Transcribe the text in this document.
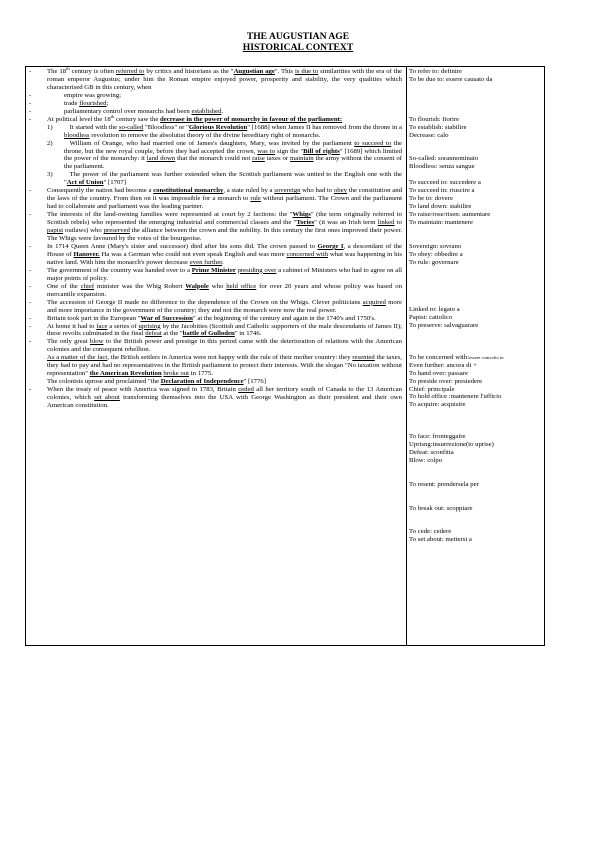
THE AUGUSTIAN AGE
HISTORICAL CONTEXT
- The 18th century is often referred to by critics and historians as the "Augustian age". This is due to similarities with the era of the roman emperor Augustus; under him the Roman empire enjoyed power, prosperity and stability, the very qualities which characterised GB in this century, when
- empire was growing;
- trade flourished;
- parliamentary control over monarchs had been established.
- At political level the 18th century saw the decrease in the power of monarchy in favour of the parliament:
1)	It started with the so-called "Bloodless" or "Glorious Revolution" [1688] when James II has removed from the throne in a bloodless revolution to remove the absolutist theory of the divine hereditary right of monarchs.
2)	William of Orange, who had married one of James's daughters, Mary, was invited by the parliament to succeed to the throne, but the new royal couple, before they had accepted the crown, was to sign the "Bill of rights" [1689] which limited the power of the monarchy: it land down that the monarch could not raise taxes or maintain the army without the consent of the parliament.
3)	The power of the parliament was further extended when the Scottish parliament was united to the English one with the "Act of Union" [1707]
- Consequently the nation had become a constitutional monarchy, a state ruled by a sovereign who had to obey the constitution and the laws of the country. From then on it was impossible for a monarch to rule without parliament. The Crown and the parliament had to collaborate and parliament was the leading partner.
- The interests of the land-owning families were represented at court by 2 factions: the "Whigs" (the term originally referred to Scottish rebels) who represented the emerging industrial and commercial classes and the "Tories" (it was an Irish term linked to papist outlaws) who preserved the alliance between the crown and the nobility. In this century the first ones improved their power. The Whigs were favoured by the votes of the bourgeoise.
- In 1714 Queen Anne (Mary's sister and successor) died after his sons did. The crown passed to George I, a descendant of the House of Hanover. Ha was a German who could not even speak English and was more concerned with what was happening in his native land. With him the monarch's power decrease even further.
- The government of the country was handed over to a Prime Minister presiding over a cabinet of Ministers who had to agree on all major points of policy.
- One of the chief minister was the Whig Robert Walpole who held office for over 20 years and whose policy was based on mercantile expansion.
- The accession of George II made no difference to the dependence of the Crown on the Whigs. Clever politicians acquired more and more importance in the government of the country; they and not the monarch were now the real power.
- Britain took part in the European "War of Succession" at the beginning of the century and again in the 1740's and 1750's.
- At home it had to face a series of uprising by the Jacobities (Scottish and Catholic supporters of the male descendants of James II); these revolts culminated in the final defeat at the "battle of Gulloden" in 1746.
- The only great blow to the British power and prestige in this period came with the deterioration of relations with the American colonies and the consequent rebellion.
As a matter of the fact, the British settlers in America were not happy with the rule of their mother country: they resented the taxes, they had to pay and had no representatives in the British parliament to protect their interests. With the slogan "No taxation without representation" the American Revolution broke out in 1775.
The colonists uprose and proclaimed "the Declaration of Independence" [1776]
- When the treaty of peace with America was signed in 1783, Britain ceded all her territory south of Canada to the 13 American colonies, which set about transforming themselves into the USA with George Washington as their president and their own American constitution.
To refer to: definire
To be due to: essere causato da
To flourish: fiorire
To establish: stabilire
Decrease: calo
So-called: sorannominato
Bloodless: senza sangue
To succeed to: succedere a
To succeed in: riuscire a
To be to: dovere
To land down: stabilire
To raise/rose/risen: aumentare
To maintain: mantenere
Sovereign: sovrano
To obey: obbedire a
To rule: governare
Linked to: legato a
Papist: cattolico
To preserve: salvaguarare
To be concerned with:essere coinvolto in
Even further: ancora di +
To hand over: passare
To preside over: presiedere
Chief: principale
To hold office :mantenere l'ufficio
To acquire: acquisire
To face: fronteggaire
Uprisng:insurrezione(to uprise)
Defeat: sconfitta
Blow: colpo
To resent: prendersela per
To break out: scoppiare
To cede: cedere
To set about: mettersi a
